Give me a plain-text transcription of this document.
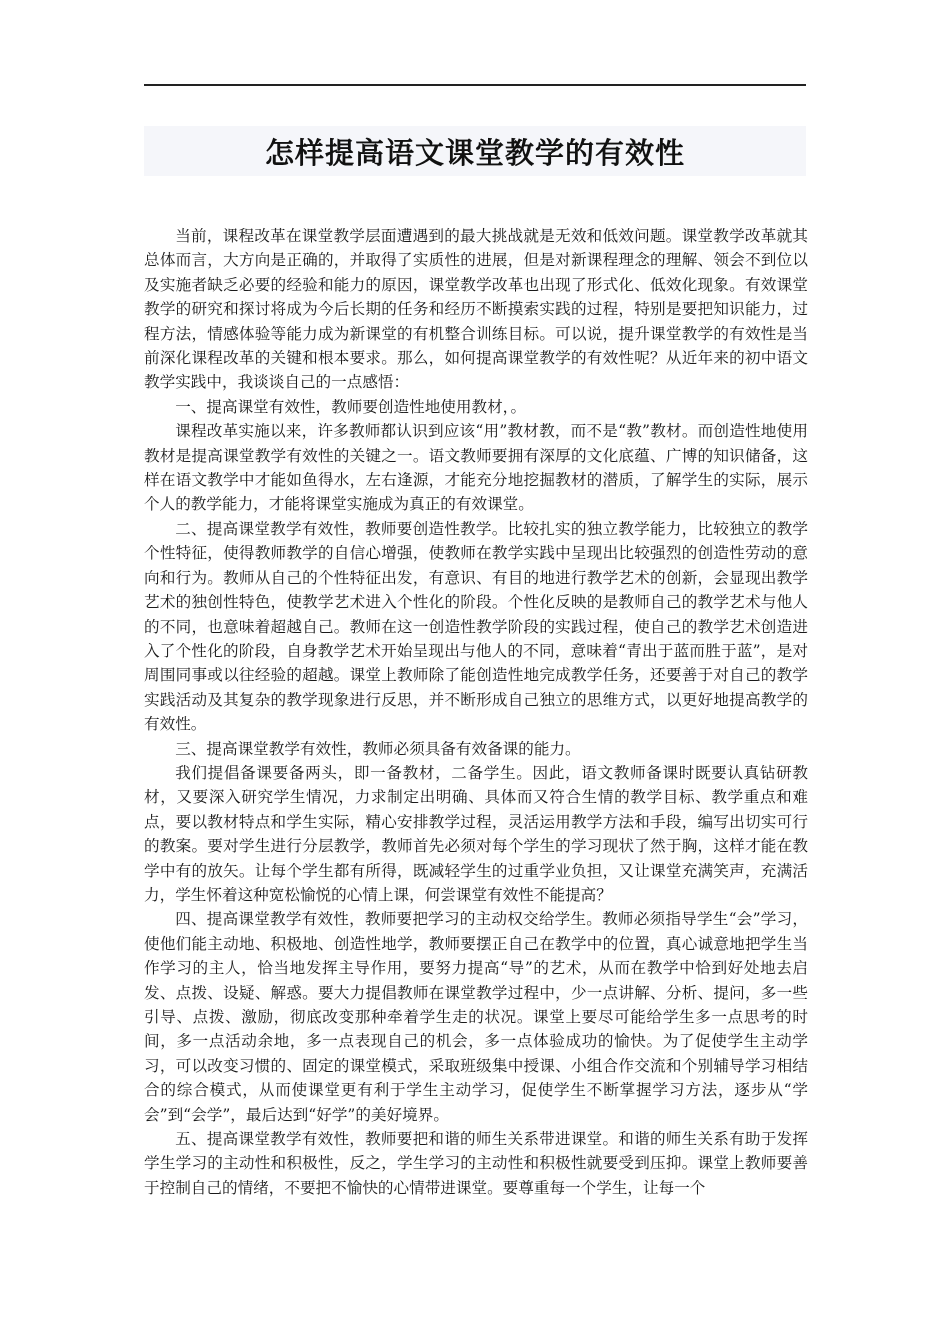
怎样提高语文课堂教学的有效性

当前，课程改革在课堂教学层面遭遇到的最大挑战就是无效和低效问题。课堂教学改革就其总体而言，大方向是正确的，并取得了实质性的进展，但是对新课程理念的理解、领会不到位以及实施者缺乏必要的经验和能力的原因，课堂教学改革也出现了形式化、低效化现象。有效课堂教学的研究和探讨将成为今后长期的任务和经历不断摸索实践的过程，特别是要把知识能力，过程方法，情感体验等能力成为新课堂的有机整合训练目标。可以说，提升课堂教学的有效性是当前深化课程改革的关键和根本要求。那么，如何提高课堂教学的有效性呢？从近年来的初中语文教学实践中，我谈谈自己的一点感悟：

一、提高课堂有效性，教师要创造性地使用教材，。

课程改革实施以来，许多教师都认识到应该“用”教材教，而不是“教”教材。而创造性地使用教材是提高课堂教学有效性的关键之一。语文教师要拥有深厚的文化底蕴、广博的知识储备，这样在语文教学中才能如鱼得水，左右逢源，才能充分地挖掘教材的潜质，了解学生的实际，展示个人的教学能力，才能将课堂实施成为真正的有效课堂。

二、提高课堂教学有效性，教师要创造性教学。比较扎实的独立教学能力，比较独立的教学个性特征，使得教师教学的自信心增强，使教师在教学实践中呈现出比较强烈的创造性劳动的意向和行为。教师从自己的个性特征出发，有意识、有目的地进行教学艺术的创新，会显现出教学艺术的独创性特色，使教学艺术进入个性化的阶段。个性化反映的是教师自己的教学艺术与他人的不同，也意味着超越自己。教师在这一创造性教学阶段的实践过程，使自己的教学艺术创造进入了个性化的阶段，自身教学艺术开始呈现出与他人的不同，意味着“青出于蓝而胜于蓝”，是对周围同事或以往经验的超越。课堂上教师除了能创造性地完成教学任务，还要善于对自己的教学实践活动及其复杂的教学现象进行反思，并不断形成自己独立的思维方式，以更好地提高教学的有效性。

三、提高课堂教学有效性，教师必须具备有效备课的能力。

我们提倡备课要备两头，即一备教材，二备学生。因此，语文教师备课时既要认真钻研教材，又要深入研究学生情况，力求制定出明确、具体而又符合生情的教学目标、教学重点和难点，要以教材特点和学生实际，精心安排教学过程，灵活运用教学方法和手段，编写出切实可行的教案。要对学生进行分层教学，教师首先必须对每个学生的学习现状了然于胸，这样才能在教学中有的放矢。让每个学生都有所得，既减轻学生的过重学业负担，又让课堂充满笑声，充满活力，学生怀着这种宽松愉悦的心情上课，何尝课堂有效性不能提高？

四、提高课堂教学有效性，教师要把学习的主动权交给学生。教师必须指导学生“会”学习，使他们能主动地、积极地、创造性地学，教师要摆正自己在教学中的位置，真心诚意地把学生当作学习的主人，恰当地发挥主导作用，要努力提高“导”的艺术，从而在教学中恰到好处地去启发、点拨、设疑、解惑。要大力提倡教师在课堂教学过程中，少一点讲解、分析、提问，多一些引导、点拨、激励，彻底改变那种牵着学生走的状况。课堂上要尽可能给学生多一点思考的时间，多一点活动余地，多一点表现自己的机会，多一点体验成功的愉快。为了促使学生主动学习，可以改变习惯的、固定的课堂模式，采取班级集中授课、小组合作交流和个别辅导学习相结合的综合模式，从而使课堂更有利于学生主动学习，促使学生不断掌握学习方法，逐步从“学会”到“会学”，最后达到“好学”的美好境界。

五、提高课堂教学有效性，教师要把和谐的师生关系带进课堂。和谐的师生关系有助于发挥学生学习的主动性和积极性，反之，学生学习的主动性和积极性就要受到压抑。课堂上教师要善于控制自己的情绪，不要把不愉快的心情带进课堂。要尊重每一个学生，让每一个
